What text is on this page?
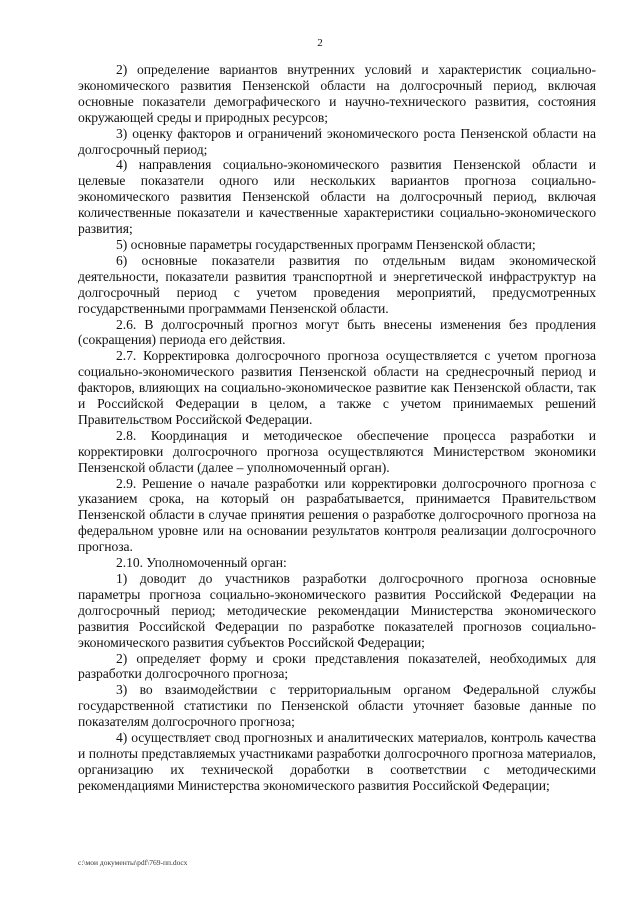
2

2) определение вариантов внутренних условий и характеристик социально-экономического развития Пензенской области на долгосрочный период, включая основные показатели демографического и научно-технического развития, состояния окружающей среды и природных ресурсов;

3) оценку факторов и ограничений экономического роста Пензенской области на долгосрочный период;

4) направления социально-экономического развития Пензенской области и целевые показатели одного или нескольких вариантов прогноза социально-экономического развития Пензенской области на долгосрочный период, включая количественные показатели и качественные характеристики социально-экономического развития;

5) основные параметры государственных программ Пензенской области;

6) основные показатели развития по отдельным видам экономической деятельности, показатели развития транспортной и энергетической инфраструктур на долгосрочный период с учетом проведения мероприятий, предусмотренных государственными программами Пензенской области.

2.6. В долгосрочный прогноз могут быть внесены изменения без продления (сокращения) периода его действия.

2.7. Корректировка долгосрочного прогноза осуществляется с учетом прогноза социально-экономического развития Пензенской области на среднесрочный период и факторов, влияющих на социально-экономическое развитие как Пензенской области, так и Российской Федерации в целом, а также с учетом принимаемых решений Правительством Российской Федерации.

2.8. Координация и методическое обеспечение процесса разработки и корректировки долгосрочного прогноза осуществляются Министерством экономики Пензенской области (далее – уполномоченный орган).

2.9. Решение о начале разработки или корректировки долгосрочного прогноза с указанием срока, на который он разрабатывается, принимается Правительством Пензенской области в случае принятия решения о разработке долгосрочного прогноза на федеральном уровне или на основании результатов контроля реализации долгосрочного прогноза.

2.10. Уполномоченный орган:

1) доводит до участников разработки долгосрочного прогноза основные параметры прогноза социально-экономического развития Российской Федерации на долгосрочный период; методические рекомендации Министерства экономического развития Российской Федерации по разработке показателей прогнозов социально-экономического развития субъектов Российской Федерации;

2) определяет форму и сроки представления показателей, необходимых для разработки долгосрочного прогноза;

3) во взаимодействии с территориальным органом Федеральной службы государственной статистики по Пензенской области уточняет базовые данные по показателям долгосрочного прогноза;

4) осуществляет свод прогнозных и аналитических материалов, контроль качества и полноты представляемых участниками разработки долгосрочного прогноза материалов, организацию их технической доработки в соответствии с методическими рекомендациями Министерства экономического развития Российской Федерации;

c:\мои документы\pdf\769-пп.docx
